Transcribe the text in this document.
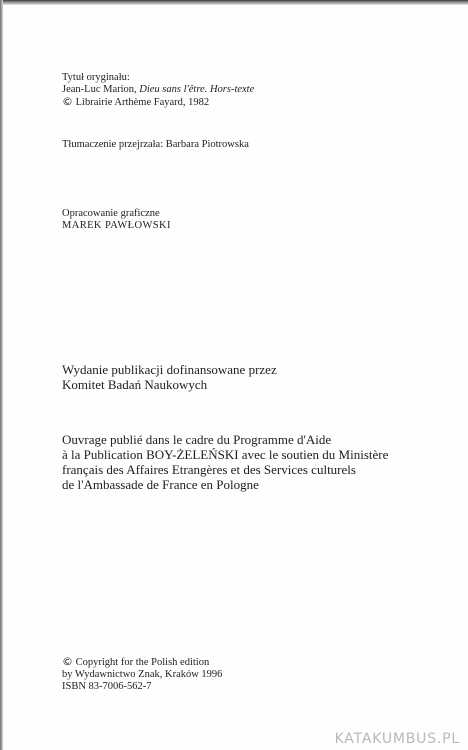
Tytuł oryginału:
Jean-Luc Marion, Dieu sans l'être. Hors-texte
© Librairie Arthème Fayard, 1982
Tłumaczenie przejrzała: Barbara Piotrowska
Opracowanie graficzne
MAREK PAWŁOWSKI
Wydanie publikacji dofinansowane przez
Komitet Badań Naukowych
Ouvrage publié dans le cadre du Programme d'Aide
à la Publication BOY-ŻELEŃSKI avec le soutien du Ministère
français des Affaires Etrangères et des Services culturels
de l'Ambassade de France en Pologne
© Copyright for the Polish edition
by Wydawnictwo Znak, Kraków 1996
ISBN 83-7006-562-7
KATAKUMBUS.PL
